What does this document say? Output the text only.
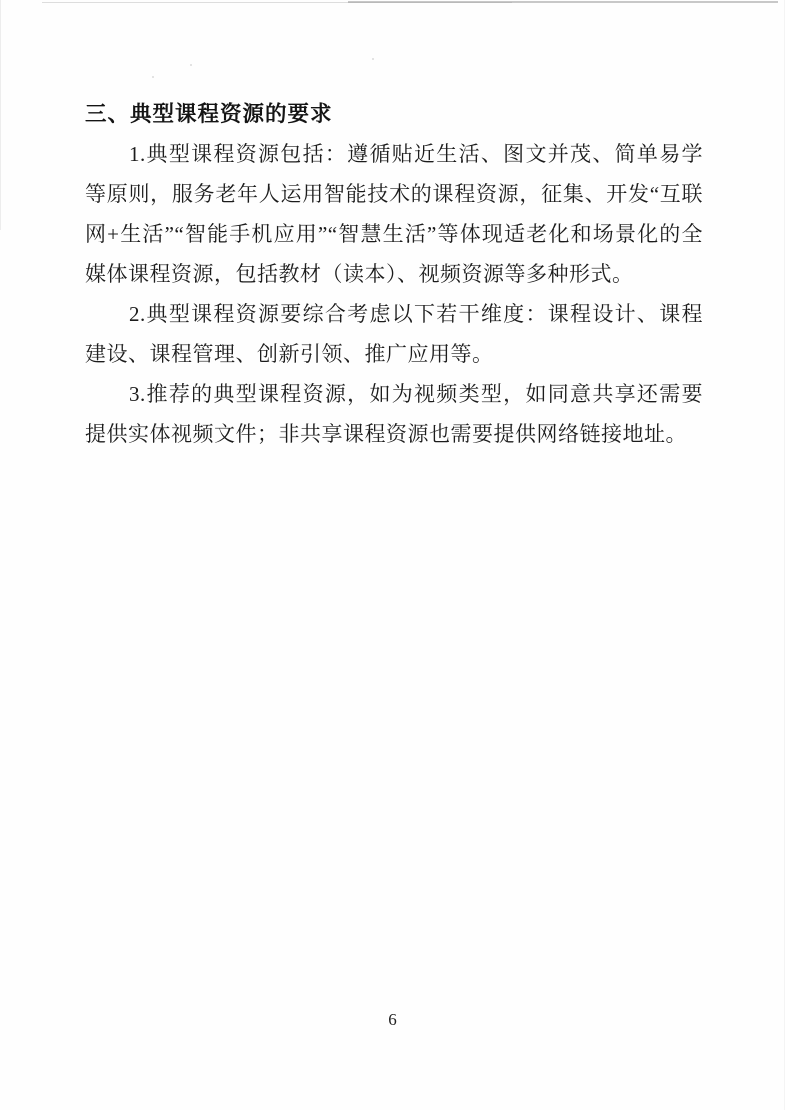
三、典型课程资源的要求

1.典型课程资源包括：遵循贴近生活、图文并茂、简单易学

等原则，服务老年人运用智能技术的课程资源，征集、开发“互联

网+生活”“智能手机应用”“智慧生活”等体现适老化和场景化的全

媒体课程资源，包括教材（读本）、视频资源等多种形式。

2.典型课程资源要综合考虑以下若干维度：课程设计、课程

建设、课程管理、创新引领、推广应用等。

3.推荐的典型课程资源，如为视频类型，如同意共享还需要

提供实体视频文件；非共享课程资源也需要提供网络链接地址。

6
